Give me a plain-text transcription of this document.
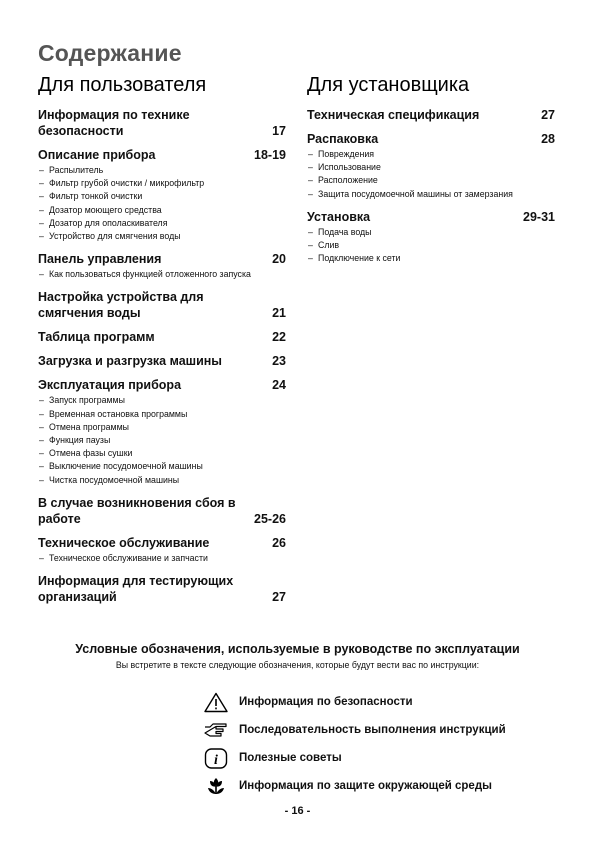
Содержание
Для пользователя
Информация по технике безопасности	17
Описание прибора	18-19
– Распылитель
– Фильтр грубой очистки / микрофильтр
– Фильтр тонкой очистки
– Дозатор моющего средства
– Дозатор для ополаскивателя
– Устройство для смягчения воды
Панель управления	20
– Как пользоваться функцией отложенного запуска
Настройка устройства для смягчения воды	21
Таблица программ	22
Загрузка и разгрузка машины	23
Эксплуатация прибора	24
– Запуск программы
– Временная остановка программы
– Отмена программы
– Функция паузы
– Отмена фазы сушки
– Выключение посудомоечной машины
– Чистка посудомоечной машины
В случае возникновения сбоя в работе	25-26
Техническое обслуживание	26
– Техническое обслуживание и запчасти
Информация для тестирующих организаций	27
Для установщика
Техническая спецификация	27
Распаковка	28
– Повреждения
– Использование
– Расположение
– Защита посудомоечной машины от замерзания
Установка	29-31
– Подача воды
– Слив
– Подключение к сети
Условные обозначения, используемые в руководстве по эксплуатации
Вы встретите в тексте следующие обозначения, которые будут вести вас по инструкции:
Информация по безопасности
Последовательность выполнения инструкций
i Полезные советы
Информация по защите окружающей среды
- 16 -
